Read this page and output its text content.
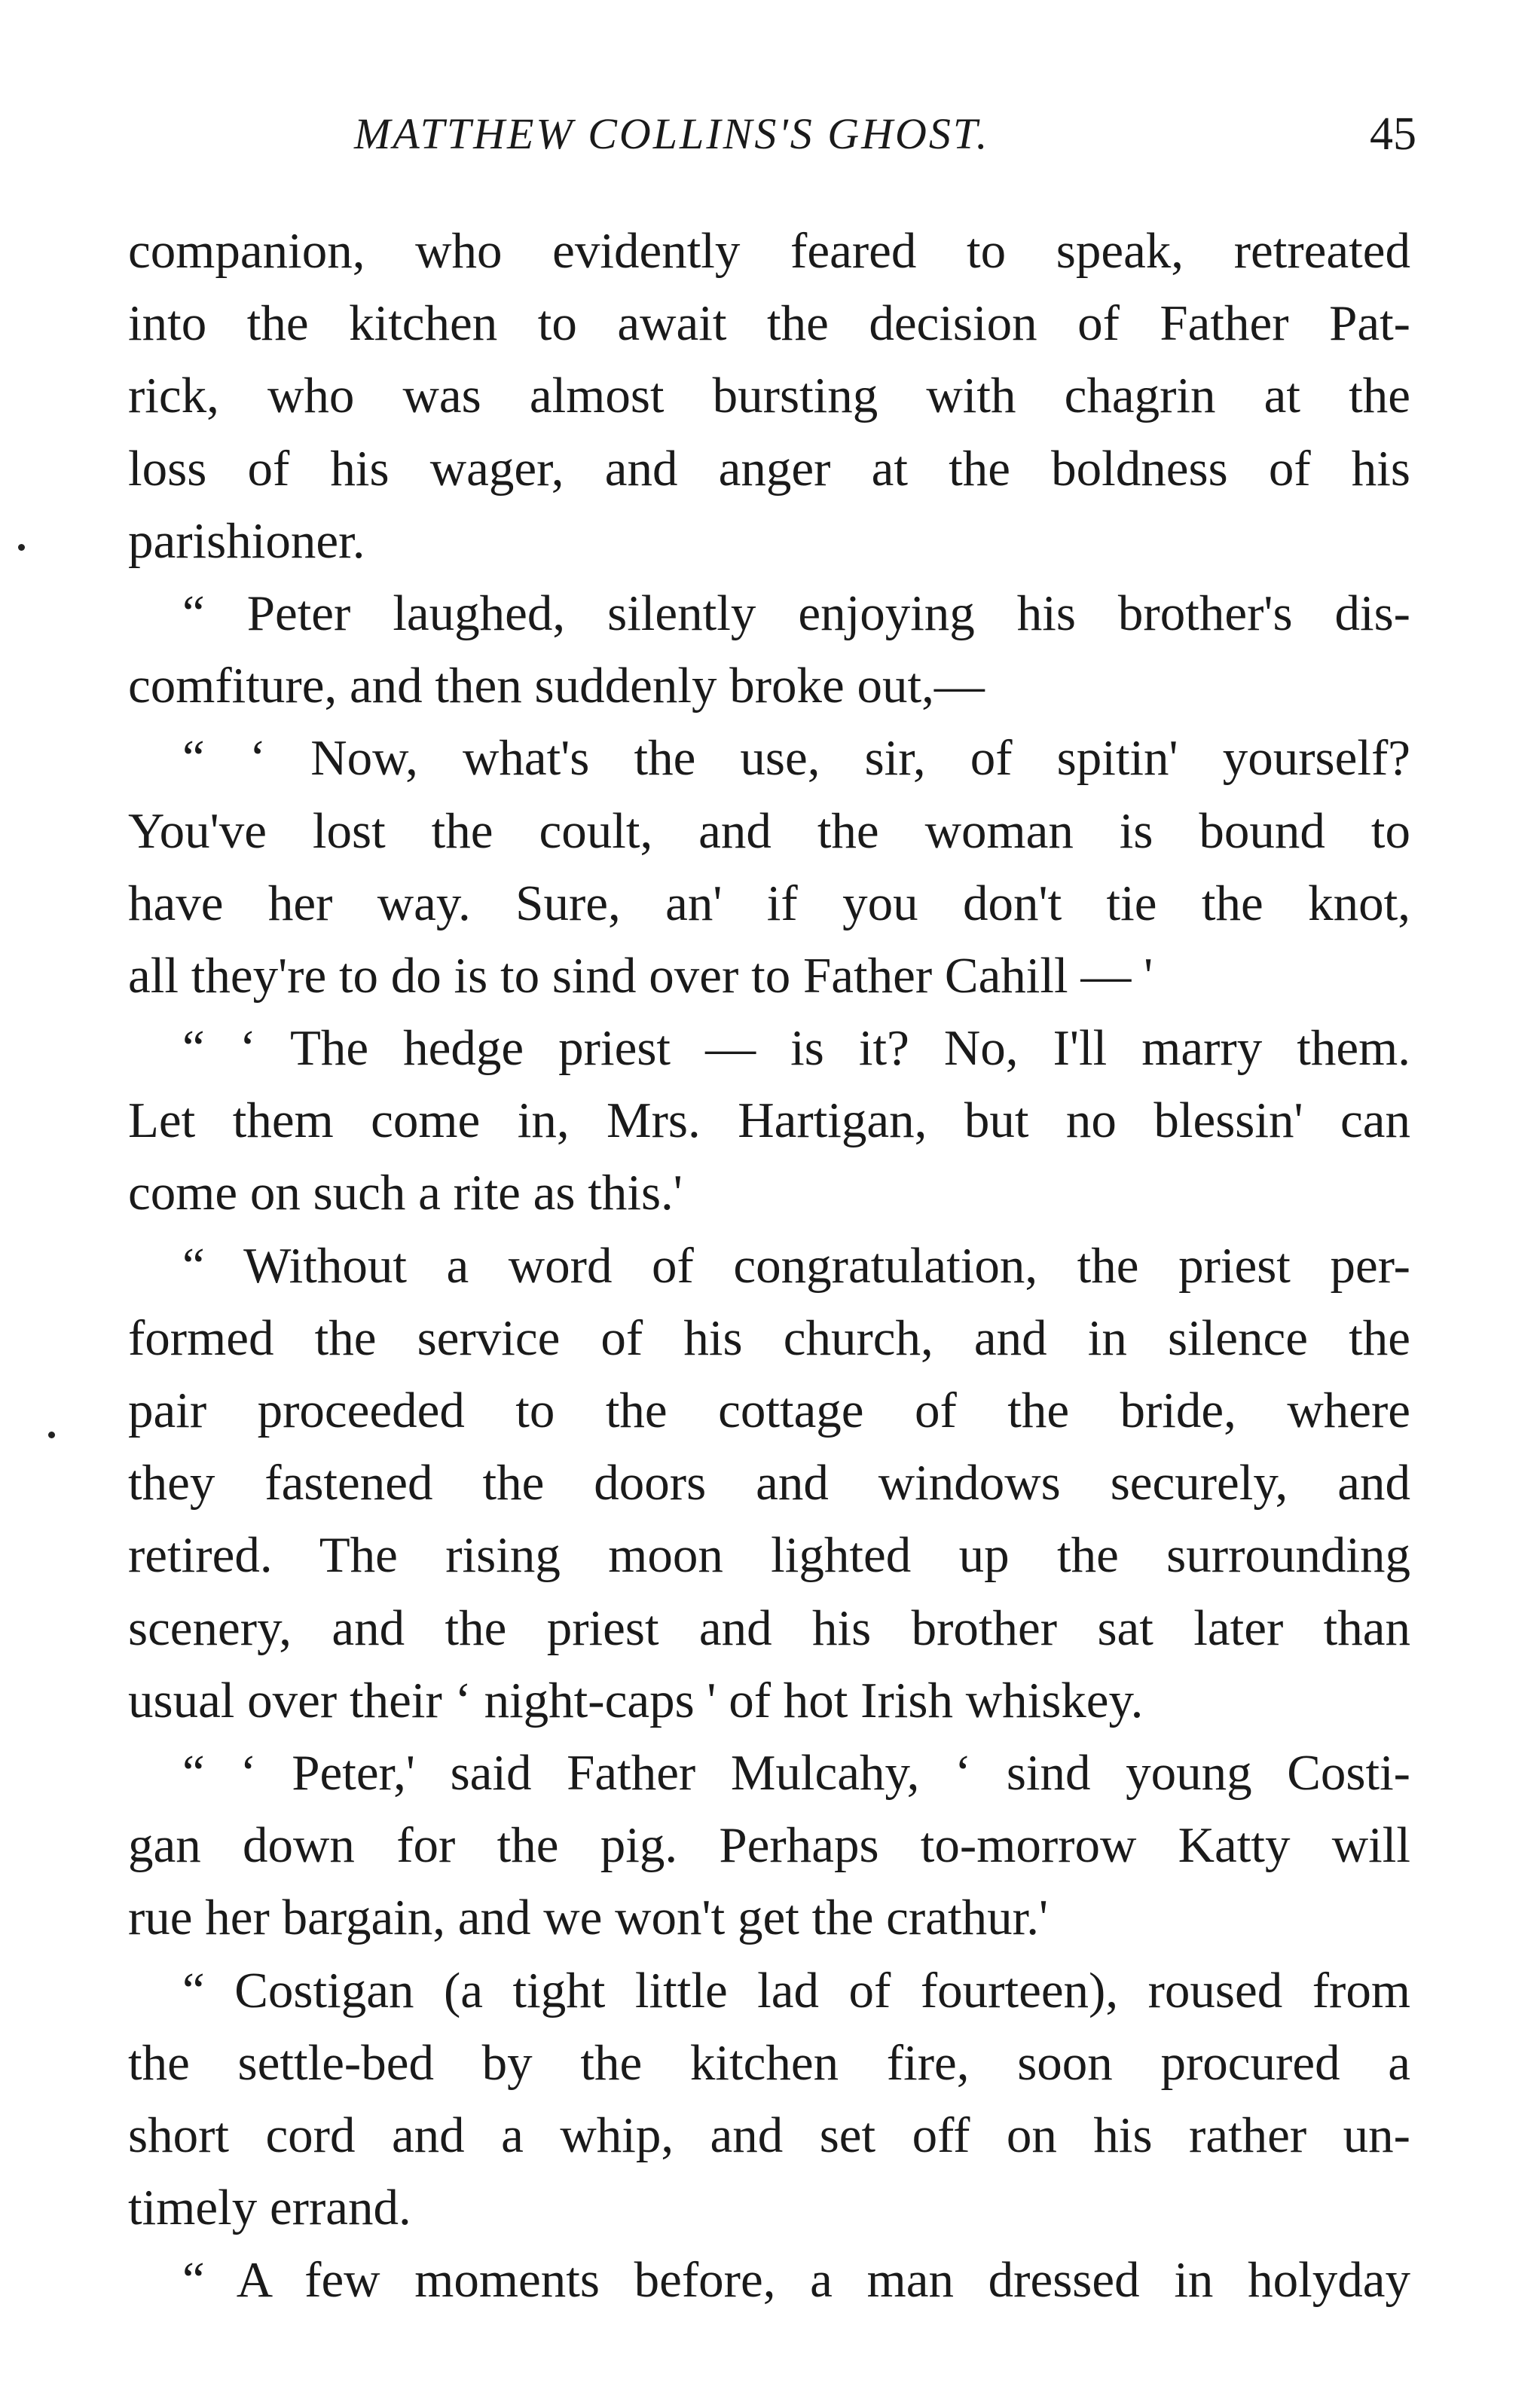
MATTHEW COLLINS'S GHOST.	45
companion, who evidently feared to speak, retreated
into the kitchen to await the decision of Father Pat-
rick, who was almost bursting with chagrin at the
loss of his wager, and anger at the boldness of his
parishioner.
“ Peter laughed, silently enjoying his brother's dis-
comfiture, and then suddenly broke out,—
“ ‘ Now, what's the use, sir, of spitin' yourself?
You've lost the coult, and the woman is bound to
have her way. Sure, an' if you don't tie the knot,
all they're to do is to sind over to Father Cahill — '
“ ‘ The hedge priest — is it? No, I'll marry them.
Let them come in, Mrs. Hartigan, but no blessin' can
come on such a rite as this.'
“ Without a word of congratulation, the priest per-
formed the service of his church, and in silence the
pair proceeded to the cottage of the bride, where
they fastened the doors and windows securely, and
retired. The rising moon lighted up the surrounding
scenery, and the priest and his brother sat later than
usual over their ‘ night-caps ' of hot Irish whiskey.
“ ‘ Peter,' said Father Mulcahy, ‘ sind young Costi-
gan down for the pig. Perhaps to-morrow Katty will
rue her bargain, and we won't get the crathur.'
“ Costigan (a tight little lad of fourteen), roused from
the settle-bed by the kitchen fire, soon procured a
short cord and a whip, and set off on his rather un-
timely errand.
“ A few moments before, a man dressed in holyday
